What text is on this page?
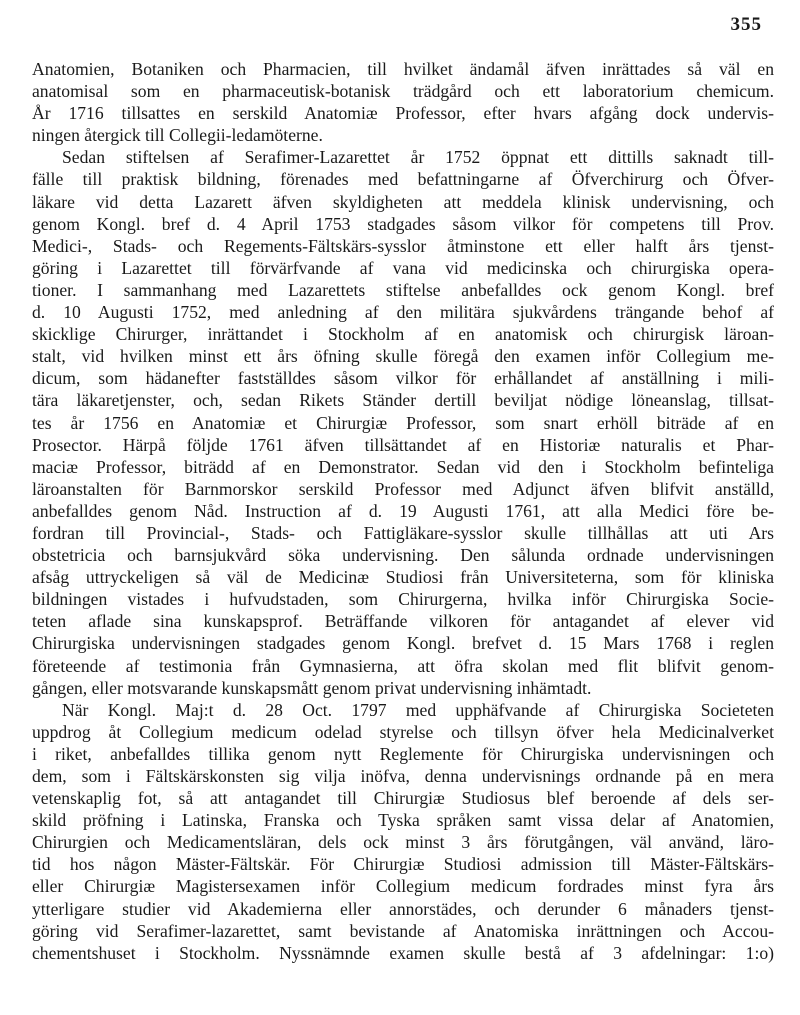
355
Anatomien, Botaniken och Pharmacien, till hvilket ändamål äfven inrättades så väl en
anatomisal som en pharmaceutisk-botanisk trädgård och ett laboratorium chemicum.
År 1716 tillsattes en serskild Anatomiæ Professor, efter hvars afgång dock undervis-
ningen återgick till Collegii-ledamöterne.
Sedan stiftelsen af Serafimer-Lazarettet år 1752 öppnat ett dittills saknadt till-
fälle till praktisk bildning, förenades med befattningarne af Öfverchirurg och Öfver-
läkare vid detta Lazarett äfven skyldigheten att meddela klinisk undervisning, och
genom Kongl. bref d. 4 April 1753 stadgades såsom vilkor för competens till Prov.
Medici-, Stads- och Regements-Fältskärs-sysslor åtminstone ett eller halft års tjenst-
göring i Lazarettet till förvärfvande af vana vid medicinska och chirurgiska opera-
tioner. I sammanhang med Lazarettets stiftelse anbefalldes ock genom Kongl. bref
d. 10 Augusti 1752, med anledning af den militära sjukvårdens trängande behof af
skicklige Chirurger, inrättandet i Stockholm af en anatomisk och chirurgisk läroan-
stalt, vid hvilken minst ett års öfning skulle föregå den examen inför Collegium me-
dicum, som hädanefter fastställdes såsom vilkor för erhållandet af anställning i mili-
tära läkaretjenster, och, sedan Rikets Ständer dertill beviljat nödige löneanslag, tillsat-
tes år 1756 en Anatomiæ et Chirurgiæ Professor, som snart erhöll biträde af en
Prosector. Härpå följde 1761 äfven tillsättandet af en Historiæ naturalis et Phar-
maciæ Professor, biträdd af en Demonstrator. Sedan vid den i Stockholm befinteliga
läroanstalten för Barnmorskor serskild Professor med Adjunct äfven blifvit anställd,
anbefalldes genom Nåd. Instruction af d. 19 Augusti 1761, att alla Medici före be-
fordran till Provincial-, Stads- och Fattigläkare-sysslor skulle tillhållas att uti Ars
obstetricia och barnsjukvård söka undervisning. Den sålunda ordnade undervisningen
afsåg uttryckeligen så väl de Medicinæ Studiosi från Universiteterna, som för kliniska
bildningen vistades i hufvudstaden, som Chirurgerna, hvilka inför Chirurgiska Socie-
teten aflade sina kunskapsprof. Beträffande vilkoren för antagandet af elever vid
Chirurgiska undervisningen stadgades genom Kongl. brefvet d. 15 Mars 1768 i reglen
företeende af testimonia från Gymnasierna, att öfra skolan med flit blifvit genom-
gången, eller motsvarande kunskapsmått genom privat undervisning inhämtadt.
När Kongl. Maj:t d. 28 Oct. 1797 med upphäfvande af Chirurgiska Societeten
uppdrog åt Collegium medicum odelad styrelse och tillsyn öfver hela Medicinalverket
i riket, anbefalldes tillika genom nytt Reglemente för Chirurgiska undervisningen och
dem, som i Fältskärskonsten sig vilja inöfva, denna undervisnings ordnande på en mera
vetenskaplig fot, så att antagandet till Chirurgiæ Studiosus blef beroende af dels ser-
skild pröfning i Latinska, Franska och Tyska språken samt vissa delar af Anatomien,
Chirurgien och Medicamentsläran, dels ock minst 3 års förutgången, väl använd, läro-
tid hos någon Mäster-Fältskär. För Chirurgiæ Studiosi admission till Mäster-Fältskärs-
eller Chirurgiæ Magistersexamen inför Collegium medicum fordrades minst fyra års
ytterligare studier vid Akademierna eller annorstädes, och derunder 6 månaders tjenst-
göring vid Serafimer-lazarettet, samt bevistande af Anatomiska inrättningen och Accou-
chementshuset i Stockholm. Nyssnämnde examen skulle bestå af 3 afdelningar: 1:o)
